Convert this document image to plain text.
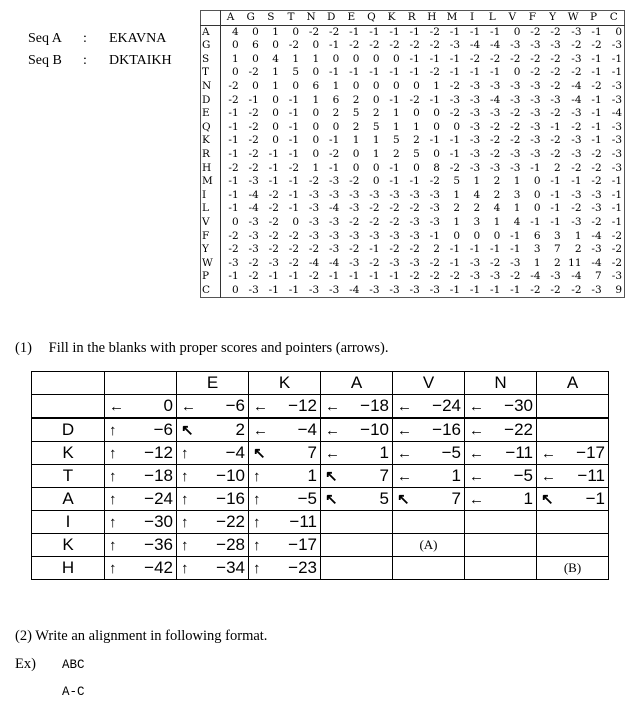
Seq A	:	EKAVNA
Seq B	:	DKTAIKH
	A	G	S	T	N	D	E	Q	K	R	H	M	I	L	V	F	Y	W	P	C
A	4	0	1	0	-2	-2	-1	-1	-1	-1	-2	-1	-1	-1	0	-2	-2	-3	-1	0
G	0	6	0	-2	0	-1	-2	-2	-2	-2	-2	-3	-4	-4	-3	-3	-3	-2	-2	-3
S	1	0	4	1	1	0	0	0	0	-1	-1	-1	-2	-2	-2	-2	-2	-3	-1	-1
T	0	-2	1	5	0	-1	-1	-1	-1	-1	-2	-1	-1	-1	0	-2	-2	-2	-1	-1
N	-2	0	1	0	6	1	0	0	0	0	1	-2	-3	-3	-3	-3	-2	-4	-2	-3
D	-2	-1	0	-1	1	6	2	0	-1	-2	-1	-3	-3	-4	-3	-3	-3	-4	-1	-3
E	-1	-2	0	-1	0	2	5	2	1	0	0	-2	-3	-3	-2	-3	-2	-3	-1	-4
Q	-1	-2	0	-1	0	0	2	5	1	1	0	0	-3	-2	-2	-3	-1	-2	-1	-3
K	-1	-2	0	-1	0	-1	1	1	5	2	-1	-1	-3	-2	-2	-3	-2	-3	-1	-3
R	-1	-2	-1	-1	0	-2	0	1	2	5	0	-1	-3	-2	-3	-3	-2	-3	-2	-3
H	-2	-2	-1	-2	1	-1	0	0	-1	0	8	-2	-3	-3	-3	-1	2	-2	-2	-3
M	-1	-3	-1	-1	-2	-3	-2	0	-1	-1	-2	5	1	2	1	0	-1	-1	-2	-1
I	-1	-4	-2	-1	-3	-3	-3	-3	-3	-3	-3	1	4	2	3	0	-1	-3	-3	-1
L	-1	-4	-2	-1	-3	-4	-3	-2	-2	-2	-3	2	2	4	1	0	-1	-2	-3	-1
V	0	-3	-2	0	-3	-3	-2	-2	-2	-3	-3	1	3	1	4	-1	-1	-3	-2	-1
F	-2	-3	-2	-2	-3	-3	-3	-3	-3	-3	-1	0	0	0	-1	6	3	1	-4	-2
Y	-2	-3	-2	-2	-2	-3	-2	-1	-2	-2	2	-1	-1	-1	-1	3	7	2	-3	-2
W	-3	-2	-3	-2	-4	-4	-3	-2	-3	-3	-2	-1	-3	-2	-3	1	2	11	-4	-2
P	-1	-2	-1	-1	-2	-1	-1	-1	-1	-2	-2	-2	-3	-3	-2	-4	-3	-4	7	-3
C	0	-3	-1	-1	-3	-3	-4	-3	-3	-3	-3	-1	-1	-1	-1	-2	-2	-2	-3	9
(1) Fill in the blanks with proper scores and pointers (arrows).
		E	K	A	V	N	A

	← 0	← −6	← −12	← −18	← −24	← −30	

D	↑ −6	↖ 2	← −4	← −10	← −16	← −22	

K	↑ −12	↑ −4	↖ 7	← 1	← −5	← −11	← −17

T	↑ −18	↑ −10	↑ 1	↖ 7	← 1	← −5	← −11

A	↑ −24	↑ −16	↑ −5	↖ 5	↖ 7	← 1	↖ −1

I	↑ −30	↑ −22	↑ −11				

K	↑ −36	↑ −28	↑ −17		(A)		

H	↑ −42	↑ −34	↑ −23				(B)
(2) Write an alignment in following format.
Ex) ABC
A-C
